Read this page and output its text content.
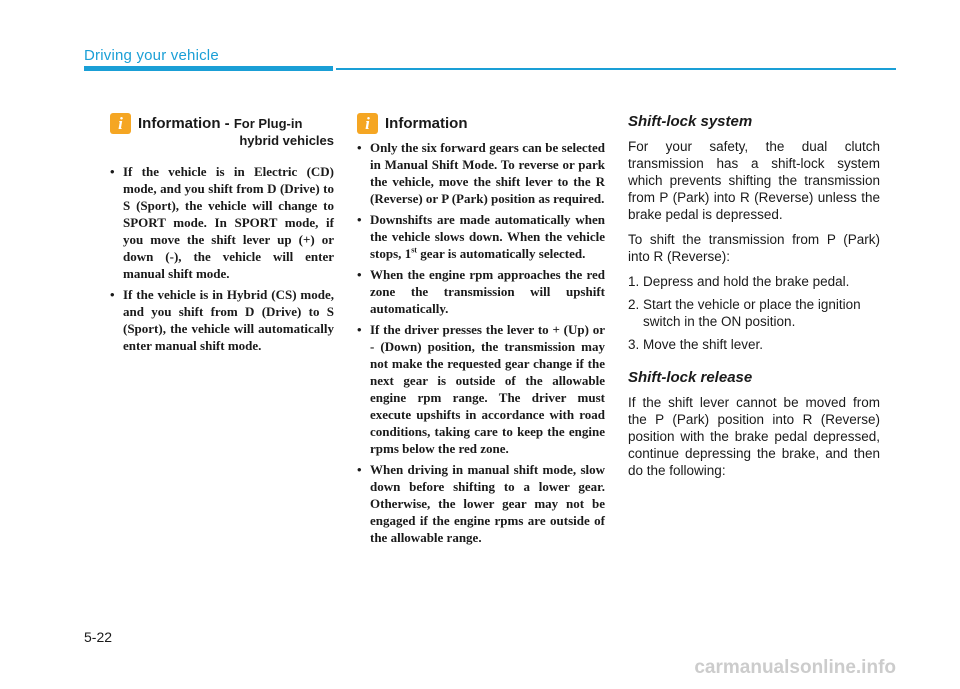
Driving your vehicle
i	Information - For Plug-in
hybrid vehicles
• If the vehicle is in Electric (CD) mode, and you shift from D (Drive) to S (Sport), the vehicle will change to SPORT mode. In SPORT mode, if you move the shift lever up (+) or down (-), the vehicle will enter manual shift mode.
• If the vehicle is in Hybrid (CS) mode, and you shift from D (Drive) to S (Sport), the vehicle will automatically enter manual shift mode.
i	Information
• Only the six forward gears can be selected in Manual Shift Mode. To reverse or park the vehicle, move the shift lever to the R (Reverse) or P (Park) position as required.
• Downshifts are made automatically when the vehicle slows down. When the vehicle stops, 1st gear is automatically selected.
• When the engine rpm approaches the red zone the transmission will upshift automatically.
• If the driver presses the lever to + (Up) or - (Down) position, the transmission may not make the requested gear change if the next gear is outside of the allowable engine rpm range. The driver must execute upshifts in accordance with road conditions, taking care to keep the engine rpms below the red zone.
• When driving in manual shift mode, slow down before shifting to a lower gear. Otherwise, the lower gear may not be engaged if the engine rpms are outside of the allowable range.
Shift-lock system

For your safety, the dual clutch transmission has a shift-lock system which prevents shifting the transmission from P (Park) into R (Reverse) unless the brake pedal is depressed.

To shift the transmission from P (Park) into R (Reverse):

1. Depress and hold the brake pedal.
2. Start the vehicle or place the ignition switch in the ON position.
3. Move the shift lever.
Shift-lock release

If the shift lever cannot be moved from the P (Park) position into R (Reverse) position with the brake pedal depressed, continue depressing the brake, and then do the following:

5-22
carmanualsonline.info
